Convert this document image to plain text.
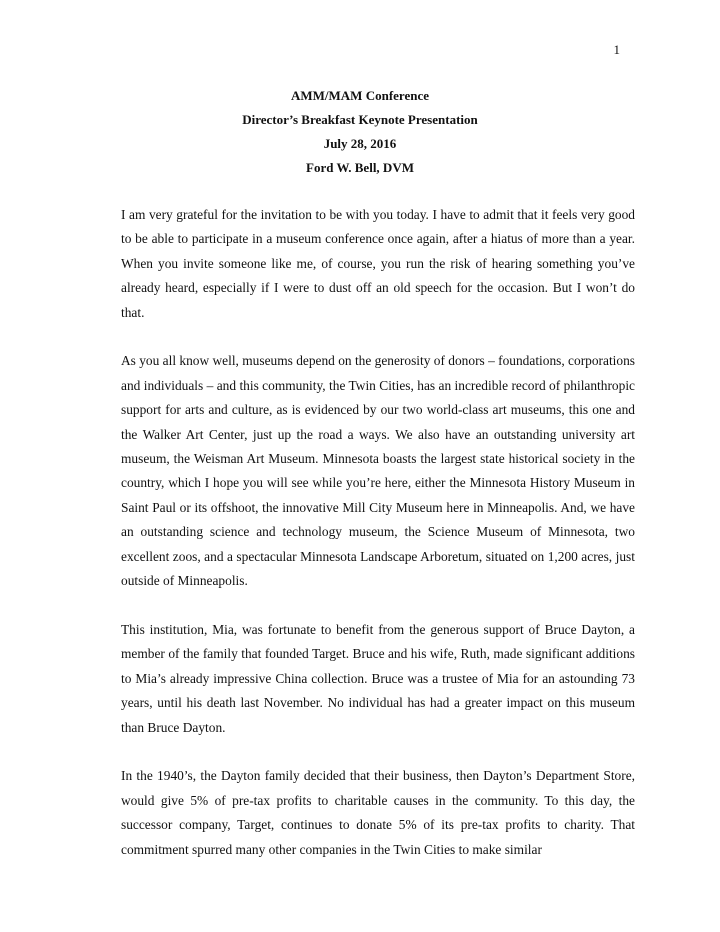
1
AMM/MAM Conference
Director’s Breakfast Keynote Presentation
July 28, 2016
Ford W. Bell, DVM

I am very grateful for the invitation to be with you today. I have to admit that it feels very good to be able to participate in a museum conference once again, after a hiatus of more than a year. When you invite someone like me, of course, you run the risk of hearing something you’ve already heard, especially if I were to dust off an old speech for the occasion. But I won’t do that.

As you all know well, museums depend on the generosity of donors – foundations, corporations and individuals – and this community, the Twin Cities, has an incredible record of philanthropic support for arts and culture, as is evidenced by our two world-class art museums, this one and the Walker Art Center, just up the road a ways. We also have an outstanding university art museum, the Weisman Art Museum. Minnesota boasts the largest state historical society in the country, which I hope you will see while you’re here, either the Minnesota History Museum in Saint Paul or its offshoot, the innovative Mill City Museum here in Minneapolis. And, we have an outstanding science and technology museum, the Science Museum of Minnesota, two excellent zoos, and a spectacular Minnesota Landscape Arboretum, situated on 1,200 acres, just outside of Minneapolis.

This institution, Mia, was fortunate to benefit from the generous support of Bruce Dayton, a member of the family that founded Target. Bruce and his wife, Ruth, made significant additions to Mia’s already impressive China collection. Bruce was a trustee of Mia for an astounding 73 years, until his death last November. No individual has had a greater impact on this museum than Bruce Dayton.

In the 1940’s, the Dayton family decided that their business, then Dayton’s Department Store, would give 5% of pre-tax profits to charitable causes in the community. To this day, the successor company, Target, continues to donate 5% of its pre-tax profits to charity. That commitment spurred many other companies in the Twin Cities to make similar
